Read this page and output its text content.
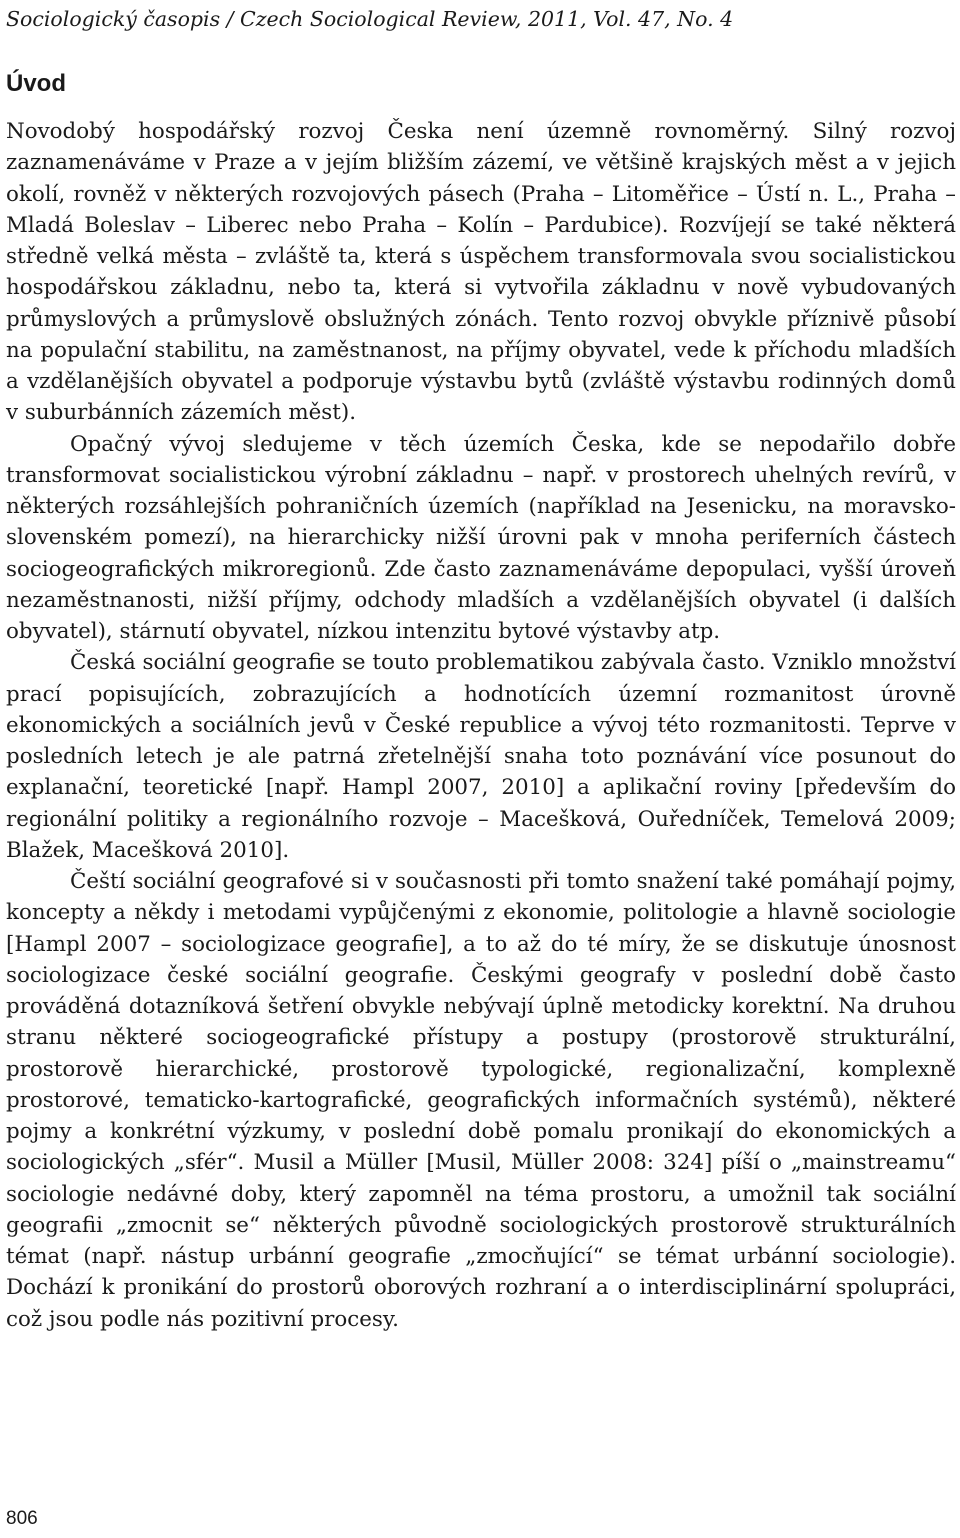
Sociologický časopis / Czech Sociological Review, 2011, Vol. 47, No. 4
Úvod

Novodobý hospodářský rozvoj Česka není územně rovnoměrný. Silný rozvoj zaznamenáváme v Praze a v jejím bližším zázemí, ve většině krajských měst a v jejich okolí, rovněž v některých rozvojových pásech (Praha – Litoměřice – Ústí n. L., Praha – Mladá Boleslav – Liberec nebo Praha – Kolín – Pardubice). Rozvíjejí se také některá středně velká města – zvláště ta, která s úspěchem transformovala svou socialistickou hospodářskou základnu, nebo ta, která si vytvořila základnu v nově vybudovaných průmyslových a průmyslově obslužných zónách. Tento rozvoj obvykle příznivě působí na populační stabilitu, na zaměstnanost, na příjmy obyvatel, vede k příchodu mladších a vzdělanějších obyvatel a podporuje výstavbu bytů (zvláště výstavbu rodinných domů v suburbánních zázemích měst).

Opačný vývoj sledujeme v těch územích Česka, kde se nepodařilo dobře transformovat socialistickou výrobní základnu – např. v prostorech uhelných revírů, v některých rozsáhlejších pohraničních územích (například na Jesenicku, na moravsko-slovenském pomezí), na hierarchicky nižší úrovni pak v mnoha periferních částech sociogeografických mikroregionů. Zde často zaznamenáváme depopulaci, vyšší úroveň nezaměstnanosti, nižší příjmy, odchody mladších a vzdělanějších obyvatel (i dalších obyvatel), stárnutí obyvatel, nízkou intenzitu bytové výstavby atp.

Česká sociální geografie se touto problematikou zabývala často. Vzniklo množství prací popisujících, zobrazujících a hodnotících územní rozmanitost úrovně ekonomických a sociálních jevů v České republice a vývoj této rozmanitosti. Teprve v posledních letech je ale patrná zřetelnější snaha toto poznávání více posunout do explanační, teoretické [např. Hampl 2007, 2010] a aplikační roviny [především do regionální politiky a regionálního rozvoje – Macešková, Ouředníček, Temelová 2009; Blažek, Macešková 2010].

Čeští sociální geografové si v současnosti při tomto snažení také pomáhají pojmy, koncepty a někdy i metodami vypůjčenými z ekonomie, politologie a hlavně sociologie [Hampl 2007 – sociologizace geografie], a to až do té míry, že se diskutuje únosnost sociologizace české sociální geografie. Českými geografy v poslední době často prováděná dotazníková šetření obvykle nebývají úplně metodicky korektní. Na druhou stranu některé sociogeografické přístupy a postupy (prostorově strukturální, prostorově hierarchické, prostorově typologické, regionalizační, komplexně prostorové, tematicko-kartografické, geografických informačních systémů), některé pojmy a konkrétní výzkumy, v poslední době pomalu pronikají do ekonomických a sociologických „sfér“. Musil a Müller [Musil, Müller 2008: 324] píší o „mainstreamu“ sociologie nedávné doby, který zapomněl na téma prostoru, a umožnil tak sociální geografii „zmocnit se“ některých původně sociologických prostorově strukturálních témat (např. nástup urbánní geografie „zmocňující“ se témat urbánní sociologie). Dochází k pronikání do prostorů oborových rozhraní a o interdisciplinární spolupráci, což jsou podle nás pozitivní procesy.

806
